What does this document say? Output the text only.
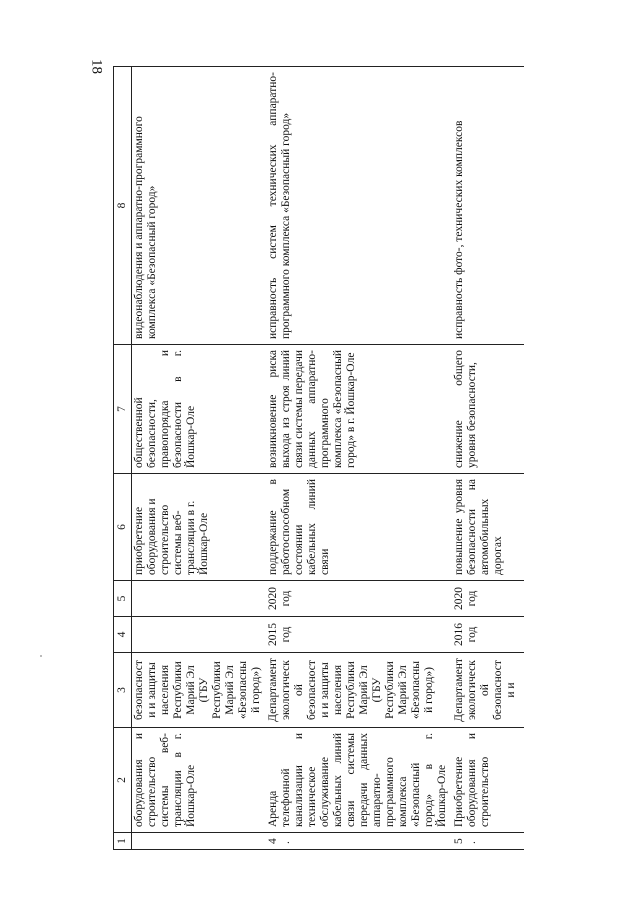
18
1	2	3	4	5	6	7	8
	оборудования и строительство системы веб-трансляции в г. Йошкар-Оле	безопасности и защиты населения Республики Марий Эл (ГБУ Республики Марий Эл «Безопасный город»)			приобретение оборудования и строительство системы веб-трансляции в г. Йошкар-Оле	общественной безопасности, правопорядка и безопасности в г. Йошкар-Оле	видеонаблюдения и аппаратно-программного комплекса «Безопасный город»
4.	Аренда телефонной канализации и техническое обслуживание кабельных линий связи системы передачи данных аппаратно-программного комплекса «Безопасный город» в г. Йошкар-Оле	Департамент экологической безопасности и защиты населения Республики Марий Эл (ГБУ Республики Марий Эл «Безопасный город»)	2015 год	2020 год	поддержание в работоспособном состоянии кабельных линий связи	возникновение риска выхода из строя линий связи системы передачи данных аппаратно-программного комплекса «Безопасный город» в г. Йошкар-Оле	исправность систем технических аппаратно-программного комплекса «Безопасный город»
5.	Приобретение оборудования и строительство	Департамент экологической безопасности и	2016 год	2020 год	повышение уровня безопасности на автомобильных дорогах	снижение общего уровня безопасности,	исправность фото-, технических комплексов
